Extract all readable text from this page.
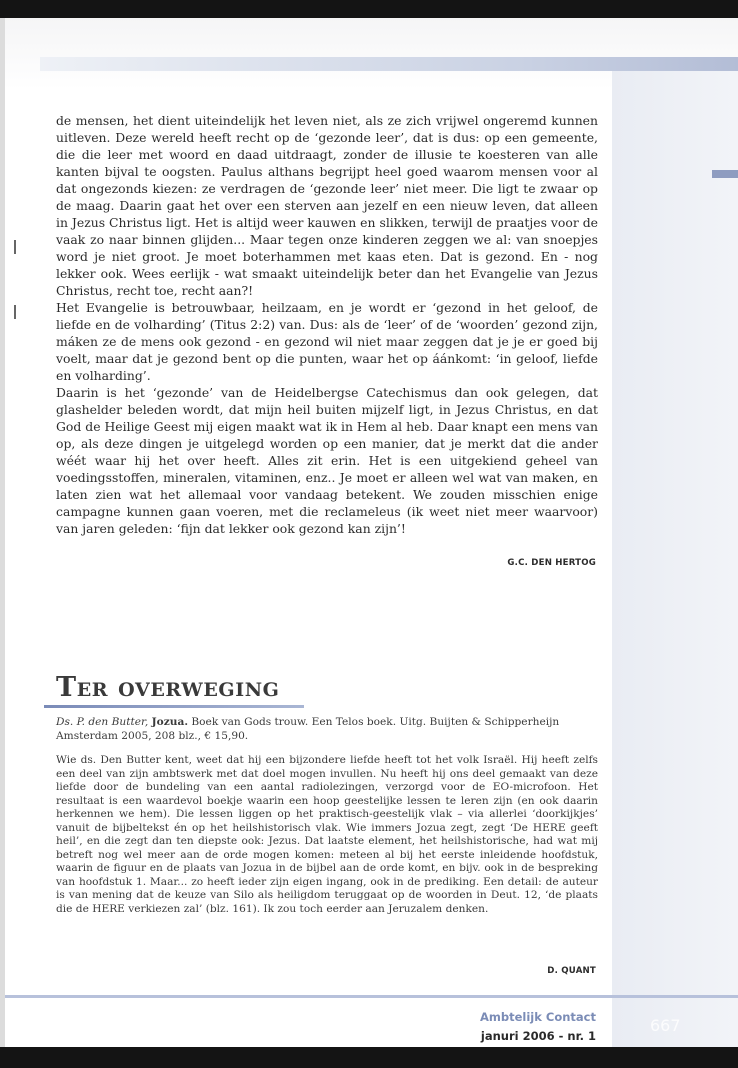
de mensen, het dient uiteindelijk het leven niet, als ze zich vrijwel ongeremd kunnen uitleven. Deze wereld heeft recht op de ‘gezonde leer’, dat is dus: op een gemeente, die die leer met woord en daad uitdraagt, zonder de illusie te koesteren van alle kanten bijval te oogsten. Paulus althans begrijpt heel goed waarom mensen voor al dat ongezonds kiezen: ze verdragen de ‘gezonde leer’ niet meer. Die ligt te zwaar op de maag. Daarin gaat het over een sterven aan jezelf en een nieuw leven, dat alleen in Jezus Christus ligt. Het is altijd weer kauwen en slikken, terwijl de praatjes voor de vaak zo naar binnen glijden... Maar tegen onze kinderen zeggen we al: van snoepjes word je niet groot. Je moet boterhammen met kaas eten. Dat is gezond. En - nog lekker ook. Wees eerlijk - wat smaakt uiteindelijk beter dan het Evangelie van Jezus Christus, recht toe, recht aan?!

Het Evangelie is betrouwbaar, heilzaam, en je wordt er ‘gezond in het geloof, de liefde en de volharding’ (Titus 2:2) van. Dus: als de ‘leer’ of de ‘woorden’ gezond zijn, máken ze de mens ook gezond - en gezond wil niet maar zeggen dat je je er goed bij voelt, maar dat je gezond bent op die punten, waar het op áánkomt: ‘in geloof, liefde en volharding’.

Daarin is het ‘gezonde’ van de Heidelbergse Catechismus dan ook gelegen, dat glashelder beleden wordt, dat mijn heil buiten mijzelf ligt, in Jezus Christus, en dat God de Heilige Geest mij eigen maakt wat ik in Hem al heb. Daar knapt een mens van op, als deze dingen je uitgelegd worden op een manier, dat je merkt dat die ander wéét waar hij het over heeft. Alles zit erin. Het is een uitgekiend geheel van voedingsstoffen, mineralen, vitaminen, enz.. Je moet er alleen wel wat van maken, en laten zien wat het allemaal voor vandaag betekent. We zouden misschien enige campagne kunnen gaan voeren, met die reclameleus (ik weet niet meer waarvoor) van jaren geleden: ‘fijn dat lekker ook gezond kan zijn’!

G.C. DEN HERTOG
Ter overweging
Ds. P. den Butter, Jozua. Boek van Gods trouw. Een Telos boek. Uitg. Buijten & Schipperheijn Amsterdam 2005, 208 blz., € 15,90.

Wie ds. Den Butter kent, weet dat hij een bijzondere liefde heeft tot het volk Israël. Hij heeft zelfs een deel van zijn ambtswerk met dat doel mogen invullen. Nu heeft hij ons deel gemaakt van deze liefde door de bundeling van een aantal radiolezingen, verzorgd voor de EO-microfoon. Het resultaat is een waardevol boekje waarin een hoop geestelijke lessen te leren zijn (en ook daarin herkennen we hem). Die lessen liggen op het praktisch-geestelijk vlak – via allerlei ‘doorkijkjes’ vanuit de bijbeltekst én op het heilshistorisch vlak. Wie immers Jozua zegt, zegt ‘De HERE geeft heil’, en die zegt dan ten diepste ook: Jezus. Dat laatste element, het heilshistorische, had wat mij betreft nog wel meer aan de orde mogen komen: meteen al bij het eerste inleidende hoofdstuk, waarin de figuur en de plaats van Jozua in de bijbel aan de orde komt, en bijv. ook in de bespreking van hoofdstuk 1. Maar... zo heeft ieder zijn eigen ingang, ook in de prediking. Een detail: de auteur is van mening dat de keuze van Silo als heiligdom teruggaat op de woorden in Deut. 12, ‘de plaats die de HERE verkiezen zal’ (blz. 161). Ik zou toch eerder aan Jeruzalem denken.

D. QUANT
Ambtelijk Contact
januri 2006 - nr. 1
667
